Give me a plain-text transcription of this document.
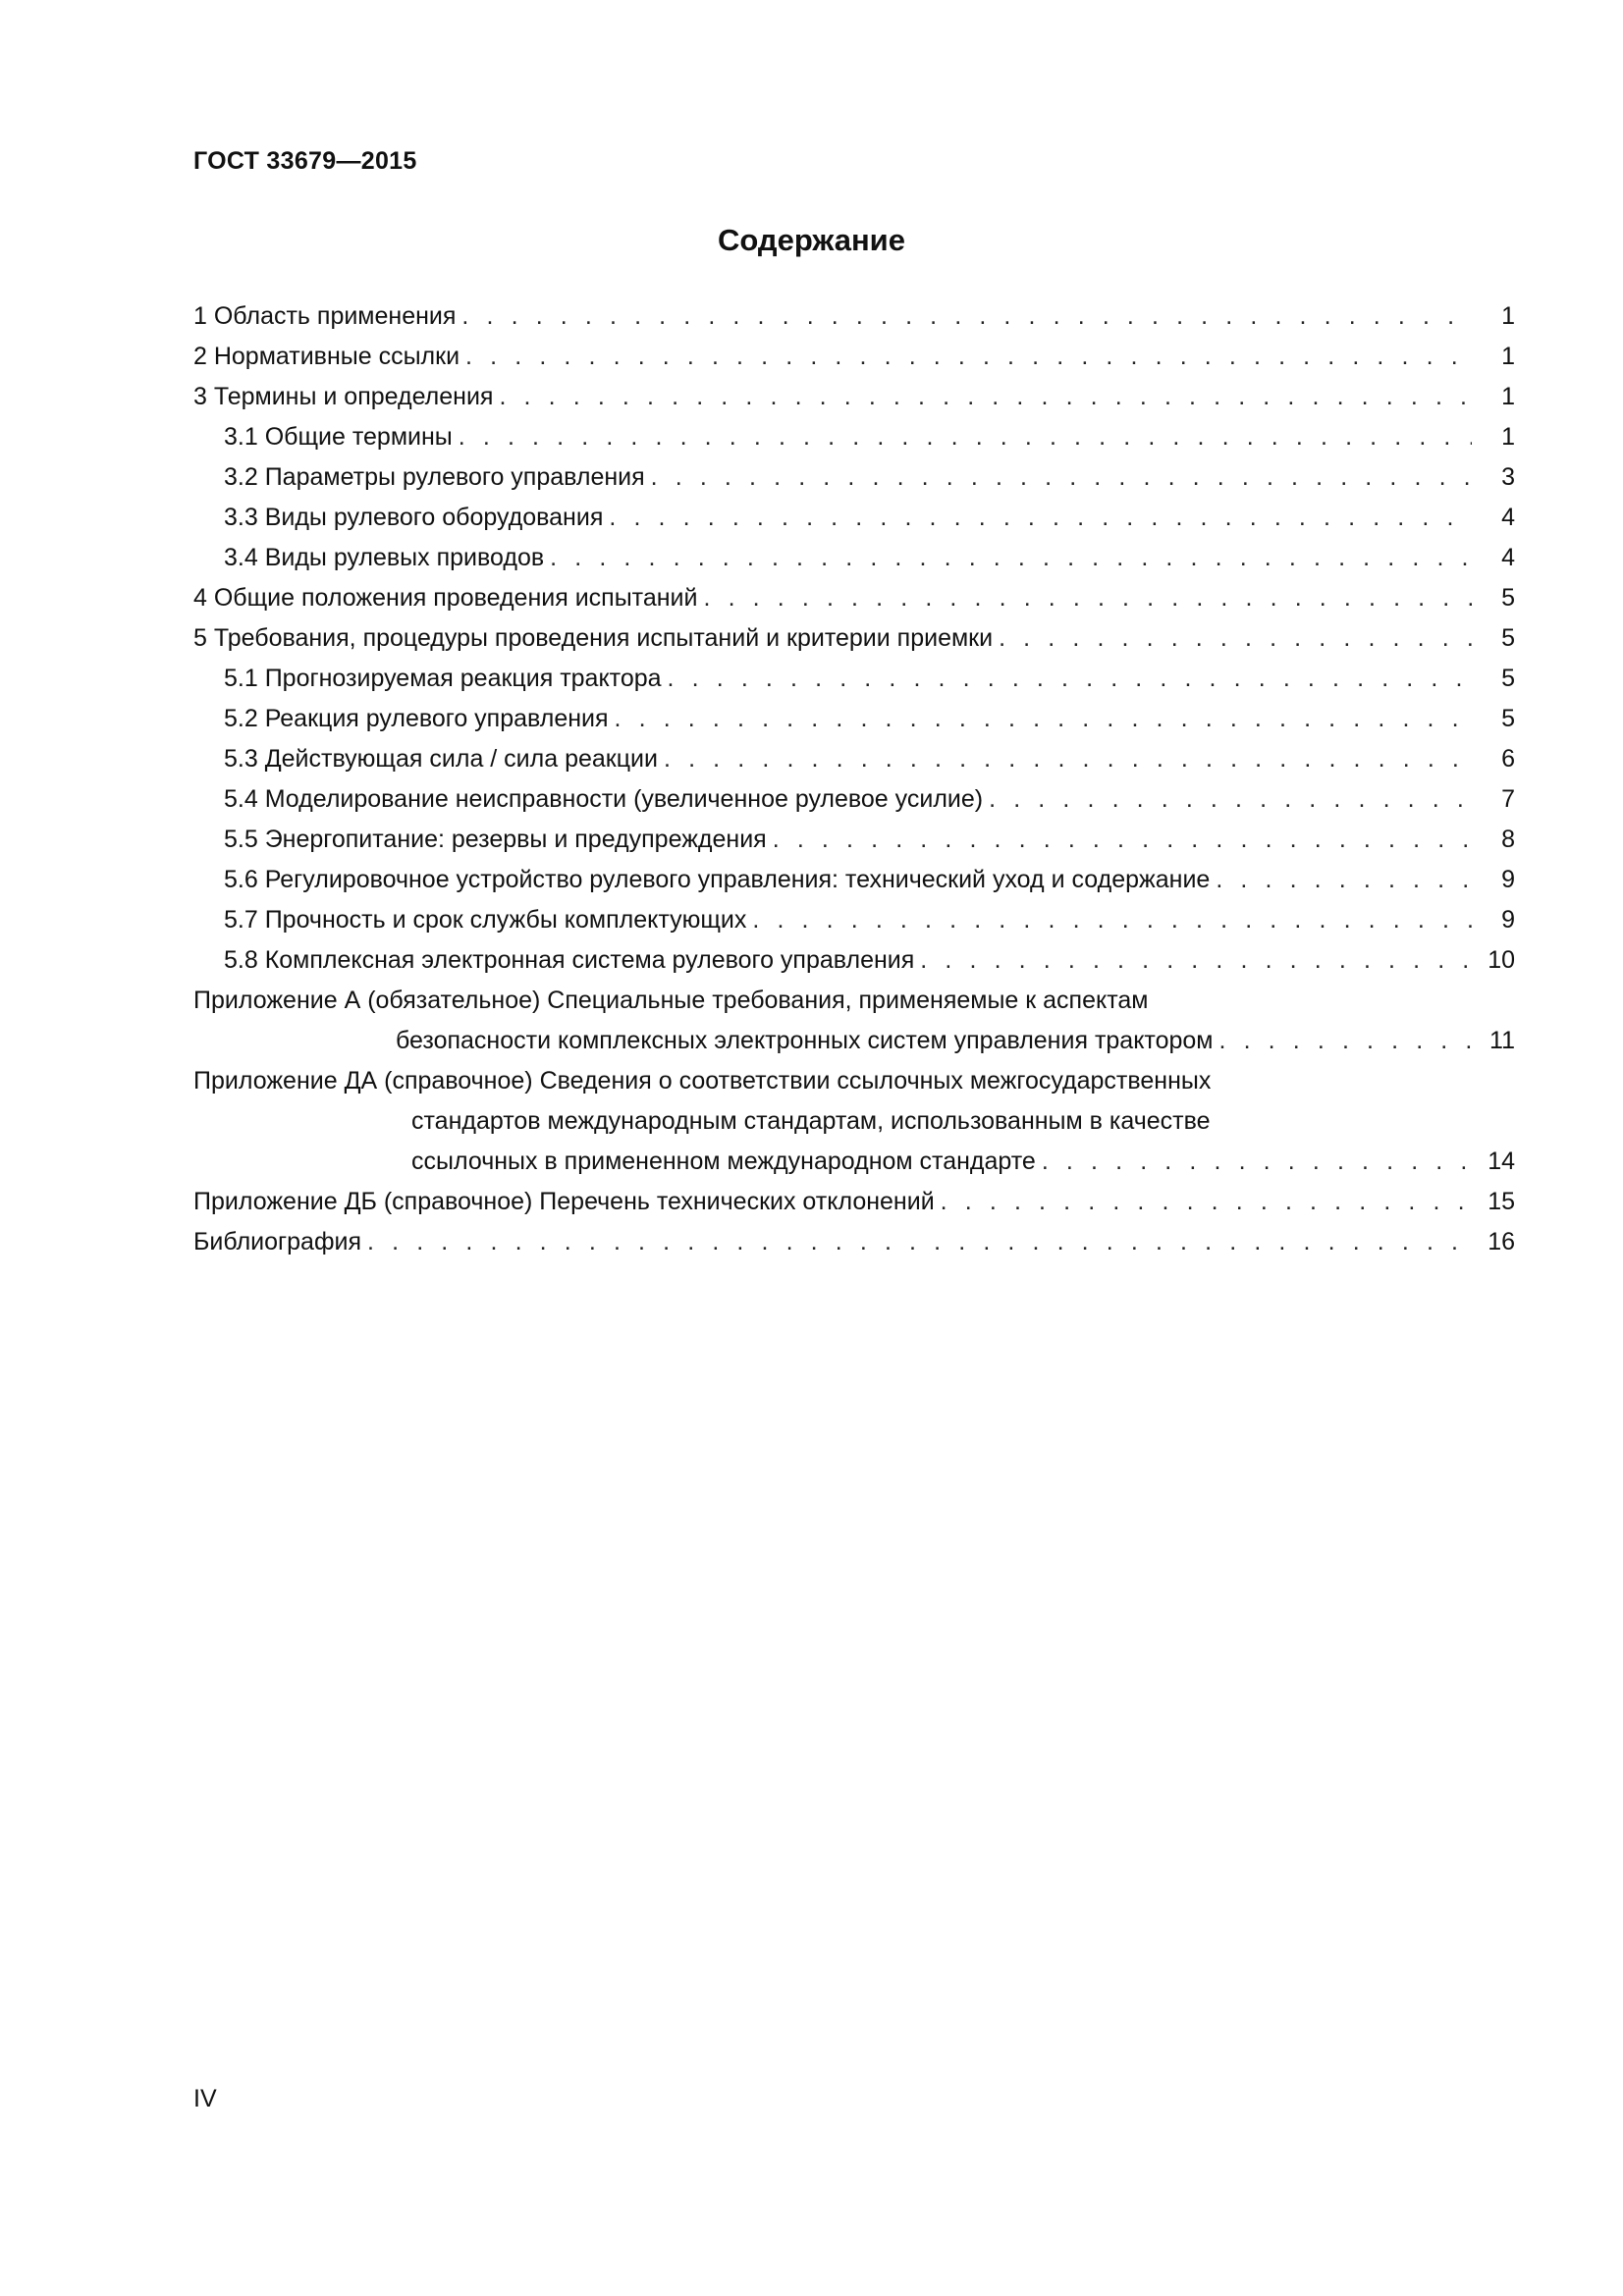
ГОСТ 33679—2015
Содержание
1 Область применения . . .	1
2 Нормативные ссылки . . .	1
3 Термины и определения . . .	1
3.1 Общие термины . . .	1
3.2 Параметры рулевого управления . . .	3
3.3 Виды рулевого оборудования . . .	4
3.4 Виды рулевых приводов . . .	4
4 Общие положения проведения испытаний . . .	5
5 Требования, процедуры проведения испытаний и критерии приемки . . .	5
5.1 Прогнозируемая реакция трактора . . .	5
5.2 Реакция рулевого управления . . .	5
5.3 Действующая сила / сила реакции . . .	6
5.4 Моделирование неисправности (увеличенное рулевое усилие) . . .	7
5.5 Энергопитание: резервы и предупреждения . . .	8
5.6 Регулировочное устройство рулевого управления: технический уход и содержание . . .	9
5.7 Прочность и срок службы комплектующих . . .	9
5.8 Комплексная электронная система рулевого управления . . .	10
Приложение А (обязательное) Специальные требования, применяемые к аспектам
безопасности комплексных электронных систем управления трактором . . .	11
Приложение ДА (справочное) Сведения о соответствии ссылочных межгосударственных
стандартов международным стандартам, использованным в качестве
ссылочных в примененном международном стандарте . . .	14
Приложение ДБ (справочное) Перечень технических отклонений . . .	15
Библиография . . .	16
IV
